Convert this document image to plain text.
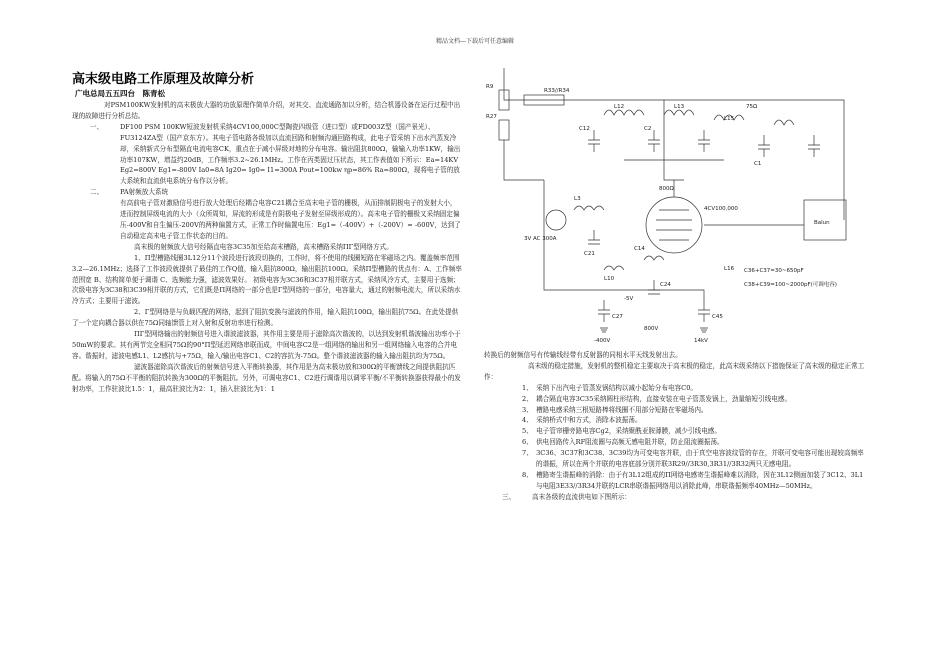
精品文档---下载后可任意编辑
高末级电路工作原理及故障分析
广电总局五五四台　陈青松

对PSM100KW发射机的高末极放大器的功放原理作简单介绍，对其交、直流通路加以分析，结合机器设备在运行过程中出现的故障进行分析总结。

一、	DF100 PSM 100KW短波发射机采纳4CV100,000C型陶瓷四级管（进口型）或FD003Z型（国产景光）、FU3124ZA型（国产京东方）。其电子管电路各级加以直流回路和射频沟通回路构成，此电子管采纳下出水汽蒸发冷却，采纳新式分布型隔直电流电容CK，重点在于减小屏级对地的分布电容。输出阻抗800Ω，输输入功率1KW，输出功率107KW，增益约20dB，工作频率3.2~26.1MHz。工作在丙类固过压状态，其工作表值如下所示：Ea=14KV Eg2=800V Eg1=-800V Ia0=8A Ig20= Ig0= I1=300A Pout=100kw ηp=86% Ra=800Ω，现将电子管的放大系统和直流供电系统分布作以分析。
二、	PA射频放大系统

有高前电子管对激励信号进行放大处理后经耦合电容C21耦合至高末电子管的栅极，从而排制阴极电子的发射大小，进而控制屏级电流的大小（众所周知，屏流的形成是有阴极电子发射至屏级形成的）。高末电子管的栅极又采纳固定偏压-400V和自生偏压-200V的两种偏置方式，正常工作时偏置电压：Eg1=（-400V）+（-200V）= -600V，达到了自动稳定高末电子管工作状态的目的。

高末极的射频放大信号经隔直电容3C35加至给高末槽路，高末槽路采纳ΠΓ型网络方式。

1、Π型槽路线圈3L12分11个波段进行波段切换的，工作时，将不使用的线圈短路在零磁场之内。覆盖频率范围3.2—26.1MHz；选择了工作波段就提供了最佳的工作Q值，输入阻抗800Ω，输出阻抗100Ω。采纳Π型槽路的优点有：A、工作频率范围宽 B、结构简单便于调谐 C、选频能力强，滤波效果好。 初级电容为3C36和3C37相并联方式，采纳风冷方式，主要用于选频；次级电容为3C38和3C39相并联的方式，它们既是Π网络的一部分也是Γ型网络的一部分，电容量大，通过的射频电流大，所以采纳水冷方式；主要用于滤波。

2、Γ型网络是与负载匹配的网络，起到了阻抗变换与滤波的作用，输入阻抗100Ω，输出阻抗75Ω。在此处提供了一个定向耦合器以供在75Ω同轴馈管上对入射和反射功率进行检测。

ΠΓ型网络输出的射频信号进入谐波滤波器，其作用主要是用于滤除高次谐波的，以达到发射机谐波输出功率小于50mW的要求。其有两节完全相同75Ω的90°Π型延迟网络串联而成，中间电容C2是一组网络的输出和另一组网络输入电容的合并电容。谐振时，滤波电感L1、L2感抗与+75Ω，输入/输出电容C1、C2的容抗为-75Ω。整个谐波滤波器的输入输出阻抗均为75Ω。

滤波器滤除高次谐波后的射频信号进入平衡转换器，其作用是为高末极功放和300Ω的平衡馈线之间提供阻抗匹配。将输入的75Ω不平衡的阻抗转换为300Ω的平衡阻抗。另外，可调电容C1、C2进行调谐用以调零平衡/不平衡转换器获得最小的发射功率，工作驻波比1.5：1，最高驻波比为2：1，插入驻波比为1：1

R33//R34
R9
R27
C12
L12	L13
C2
75Ω
C1
C21
800Ω
4CV100,000
L3
C14
L10
L16
L15
Balun
3V AC 300A
C27	C45
C24
-400V
800V
14kV
-5V
C36+C37=30~650pF
C38+C39=100~2000pF(可调电容)

转换后的射频信号有传输线经带有反射器的同相水平天线发射出去。

高末级的稳定措施，发射机的整机稳定主要取决于高末极的稳定，此高末级采纳以下措施保证了高末级的稳定正常工作：

1、　采纳下出汽电子管蒸发锅结构以减小起始分布电容C0。

2、　耦合隔直电容3C35采纳圆柱形结构，直接安装在电子管蒸发锅上，劲量缩短引线电感。

3、　槽路电感采纳三根短路棒将线圈不用部分短路在零磁场内。

4、　采纳桥式中和方式，消除本波振荡。

5、　电子管帘栅旁路电容Cg2，采纳聚酰亚胺薄膜，减少引线电感。

6、　供电回路传入RF阻流圈与高频无感电阻并联，防止阻流圈振荡。

7、　3C36、3C37和3C38、3C39均为可变电容并联，由于真空电容波纹管的存在，并联可变电容可能出现较高频率的谐振，所以在两个并联的电容底部分别并联3R29//3R30,3R31//3R32两只无感电阻。

8、　槽路寄生谐振峰的消除：由于有3L12组成的Π网络电感寄生谐振峰难以消除，因在3L12侧面加装了3C12、3L1与电阻3E33//3R34并联的LCR串联谐振网络用以消除此峰，串联谐振频率40MHz—50MHz。

三、	高末各级的直流供电如下图所示：
